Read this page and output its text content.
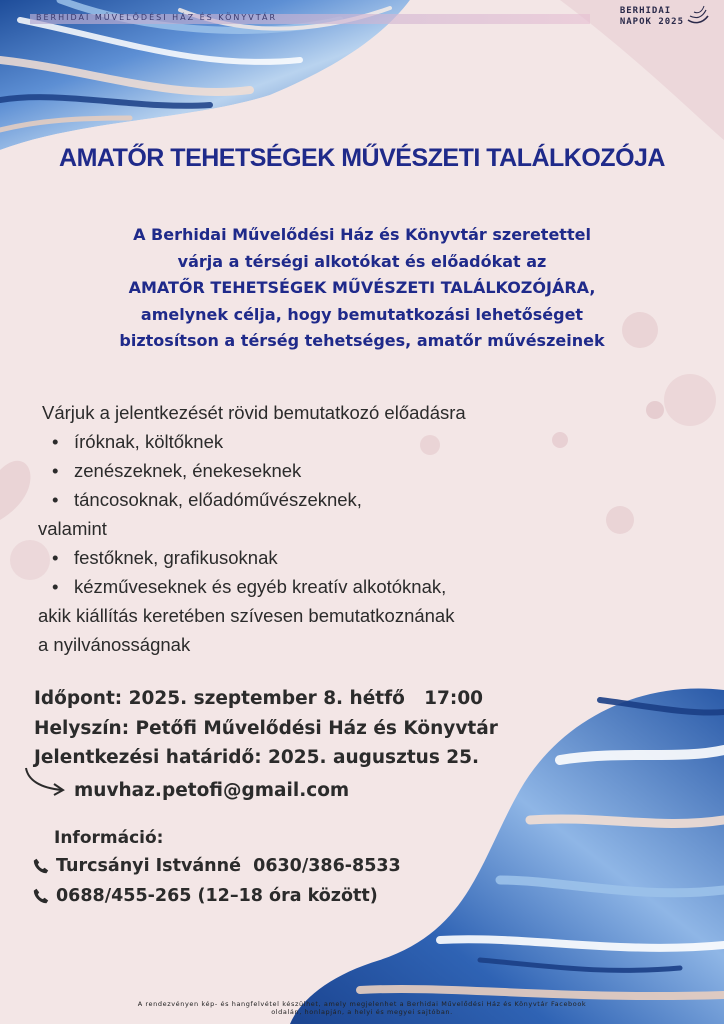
BERHIDAI MŰVELŐDÉSI HÁZ ÉS KÖNYVTÁR
BERHIDAI
NAPOK 2025
AMATŐR TEHETSÉGEK MŰVÉSZETI TALÁLKOZÓJA
A Berhidai Művelődési Ház és Könyvtár szeretettel
várja a térségi alkotókat és előadókat az
AMATŐR TEHETSÉGEK MŰVÉSZETI TALÁLKOZÓJÁRA,
amelynek célja, hogy bemutatkozási lehetőséget
biztosítson a térség tehetséges, amatőr művészeinek
Várjuk a jelentkezését rövid bemutatkozó előadásra
• íróknak, költőknek
• zenészeknek, énekeseknek
• táncosoknak, előadóművészeknek,
valamint
• festőknek, grafikusoknak
• kézműveseknek és egyéb kreatív alkotóknak,
akik kiállítás keretében szívesen bemutatkoznának
a nyilvánosságnak
Időpont: 2025. szeptember 8. hétfő   17:00
Helyszín: Petőfi Művelődési Ház és Könyvtár
Jelentkezési határidő: 2025. augusztus 25.
muvhaz.petofi@gmail.com
Információ:
Turcsányi Istvánné  0630/386-8533
0688/455-265 (12–18 óra között)
A rendezvényen kép- és hangfelvétel készülhet, amely megjelenhet a Berhidai Művelődési Ház és Könyvtár Facebook
oldalán, honlapján, a helyi és megyei sajtóban.
